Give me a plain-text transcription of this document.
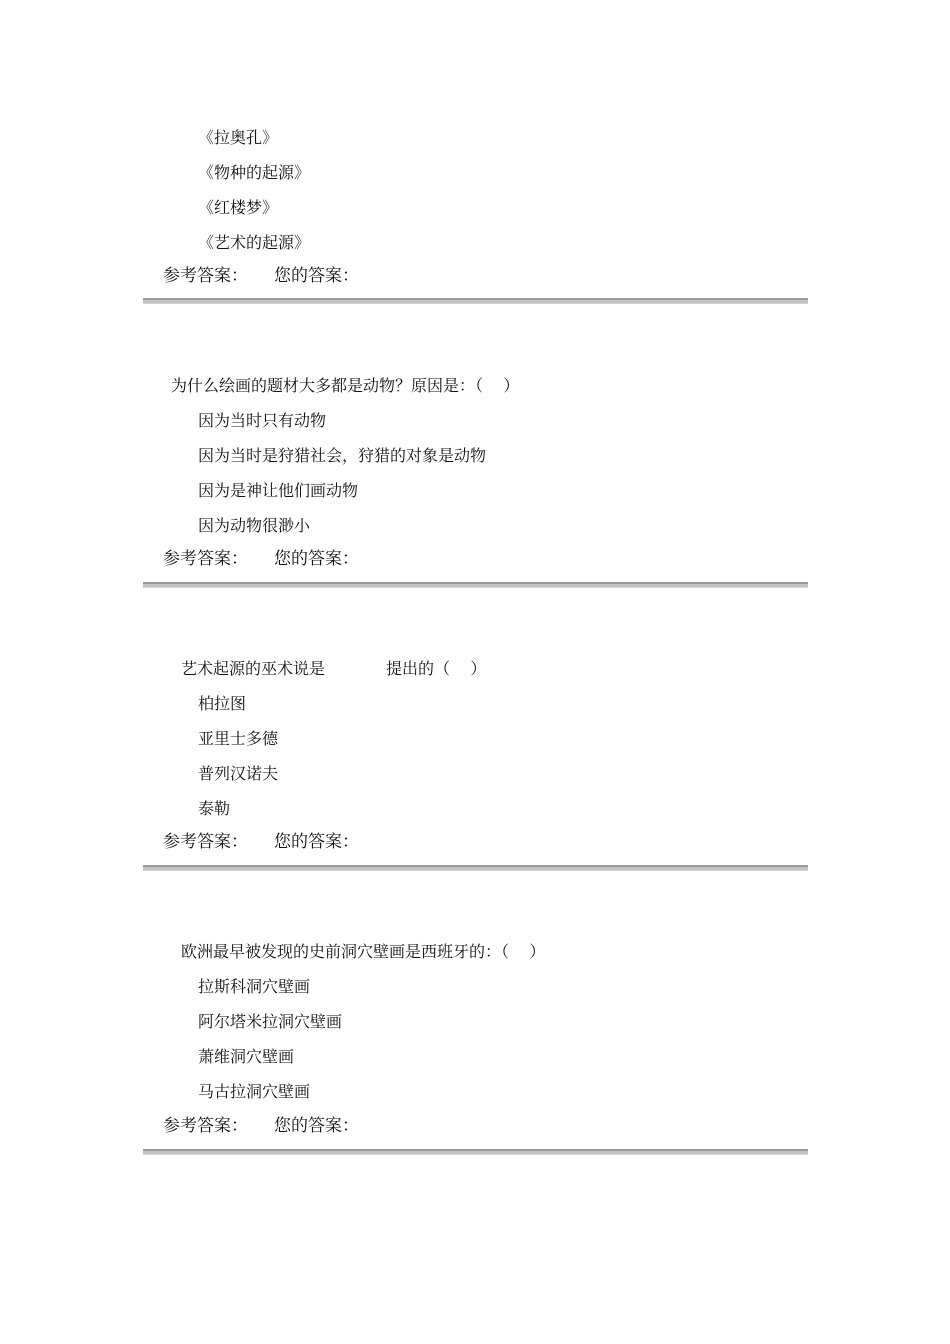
《拉奥孔》
《物种的起源》
《红楼梦》
《艺术的起源》
参考答案： 您的答案：
为什么绘画的题材大多都是动物？原因是：（    ）
因为当时只有动物
因为当时是狩猎社会，狩猎的对象是动物
因为是神让他们画动物
因为动物很渺小
参考答案： 您的答案：
艺术起源的巫术说是            提出的（    ）
柏拉图
亚里士多德
普列汉诺夫
泰勒
参考答案： 您的答案：
欧洲最早被发现的史前洞穴壁画是西班牙的：（    ）
拉斯科洞穴壁画
阿尔塔米拉洞穴壁画
萧维洞穴壁画
马古拉洞穴壁画
参考答案： 您的答案：
